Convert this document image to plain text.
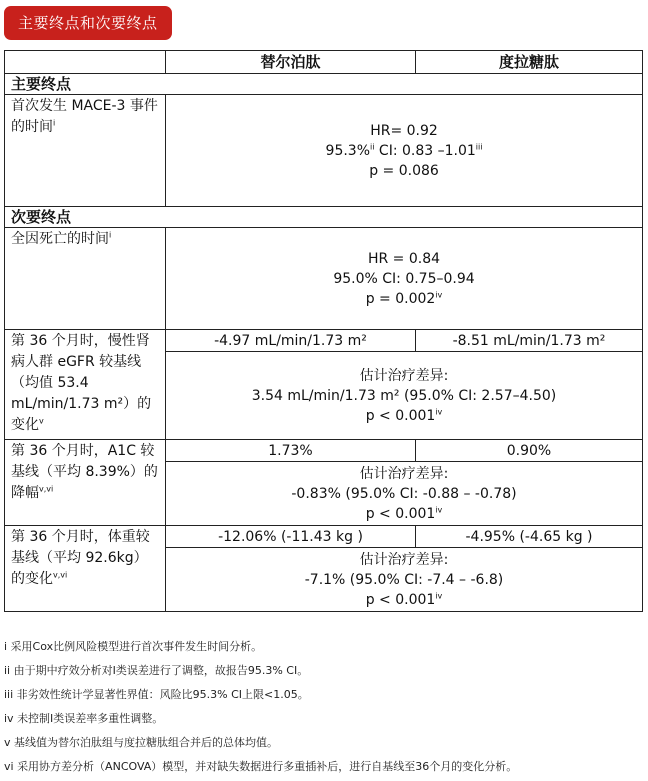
主要终点和次要终点
	替尔泊肽	度拉糖肽
主要终点		
首次发生 MACE-3 事件的时间$^i$	HR= 0.92
95.3%$^{ii}$ CI: 0.83 –1.01$^{iii}$
p = 0.086	

次要终点		
全因死亡的时间$^i$	HR = 0.84
95.0% CI: 0.75–0.94
$p = 0.002^{iv}$

第 36 个月时，慢性肾病人群 eGFR 较基线（均值 53.4 mL/min/1.73 m²）的变化$^v$	-4.97 mL/min/1.73 m²	-8.51 mL/min/1.73 m²

	估计治疗差异:
3.54 mL/min/1.73 m² (95.0% CI: 2.57–4.50)
$p < 0.001^{iv}$

第 36 个月时，A1C 较基线（平均 8.39%）的降幅$^{v,vi}$	1.73%	0.90%

	估计治疗差异:
-0.83% (95.0% CI: -0.88 – -0.78)
$p < 0.001^{iv}$

第 36 个月时，体重较基线（平均 92.6kg）的变化$^{v,vi}$	-12.06% (-11.43 kg )	-4.95% (-4.65 kg )

	估计治疗差异:
-7.1% (95.0% CI: -7.4 – -6.8)
$p < 0.001^{iv}$
i 采用Cox比例风险模型进行首次事件发生时间分析。
ii 由于期中疗效分析对I类误差进行了调整，故报告95.3% CI。
iii 非劣效性统计学显著性界值：风险比95.3% CI上限<1.05。
iv 未控制I类误差率多重性调整。
v 基线值为替尔泊肽组与度拉糖肽组合并后的总体均值。
vi 采用协方差分析（ANCOVA）模型，并对缺失数据进行多重插补后，进行自基线至36个月的变化分析。
